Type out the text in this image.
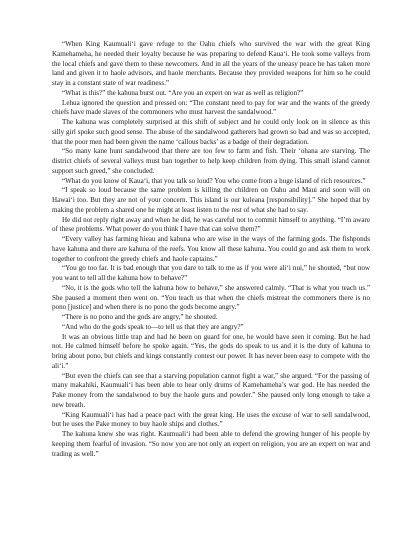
“When King Kaumuali‘i gave refuge to the Oahu chiefs who survived the war with the great King Kamehameha, he needed their loyalty because he was preparing to defend Kaua‘i. He took some valleys from the local chiefs and gave them to these newcomers. And in all the years of the uneasy peace he has taken more land and given it to haole advisors, and haole merchants. Because they provided weapons for him so he could stay in a constant state of war readiness.”

“What is this?” the kahuna burst out. “Are you an expert on war as well as religion?”

Lehua ignored the question and pressed on: “The constant need to pay for war and the wants of the greedy chiefs have made slaves of the commoners who must harvest the sandalwood.”

The kahuna was completely surprised at this shift of subject and he could only look on in silence as this silly girl spoke such good sense. The abuse of the sandalwood gatherers had grown so bad and was so accepted, that the poor men had been given the name ‘callous backs’ as a badge of their degradation.

“So many kane hunt sandalwood that there are too few to farm and fish. Their ‘ohana are starving. The district chiefs of several valleys must ban together to help keep children from dying. This small island cannot support such greed,” she concluded.

“What do you know of Kaua‘i, that you talk so loud? You who come from a huge island of rich resources.”

“I speak so loud because the same problem is killing the children on Oahu and Maui and soon will on Hawai‘i too. But they are not of your concern. This island is our kuleana [responsibility].” She hoped that by making the problem a shared one he might at least listen to the rest of what she had to say.

He did not reply right away and when he did, he was careful not to commit himself to anything. “I’m aware of these problems. What power do you think I have that can solve them?”

“Every valley has farming hieau and kahuna who are wise in the ways of the farming gods. The fishponds have kahuna and there are kahuna of the reefs. You know all these kahuna. You could go and ask them to work together to confront the greedy chiefs and haole captains.”

“You go too far. It is bad enough that you dare to talk to me as if you were ali‘i nui,” he shouted, “but now you want to tell all the kahuna how to behave?”

“No, it is the gods who tell the kahuna how to behave,” she answered calmly. “That is what you teach us.” She paused a moment then went on. “You teach us that when the chiefs mistreat the commoners there is no pono [justice] and when there is no pono the gods become angry.”

“There is no pono and the gods are angry,” he shouted.

“And who do the gods speak to—to tell us that they are angry?”

It was an obvious little trap and had he been on guard for one, he would have seen it coming. But he had not. He calmed himself before he spoke again. “Yes, the gods do speak to us and it is the duty of kahuna to bring about pono, but chiefs and kings constantly contest our power. It has never been easy to compete with the ali‘i.”

“But even the chiefs can see that a starving population cannot fight a war,” she argued. “For the passing of many makahiki, Kaumuali‘i has been able to hear only drums of Kamehameha’s war god. He has needed the Pake money from the sandalwood to buy the haole guns and powder.” She paused only long enough to take a new breath.

“King Kaumuali‘i has had a peace pact with the great king. He uses the excuse of war to sell sandalwood, but he uses the Pake money to buy haole ships and clothes.”

The kahuna knew she was right. Kaumuali‘i had been able to defend the growing hunger of his people by keeping them fearful of invasion. “So now you are not only an expert on religion, you are an expert on war and trading as well.”
